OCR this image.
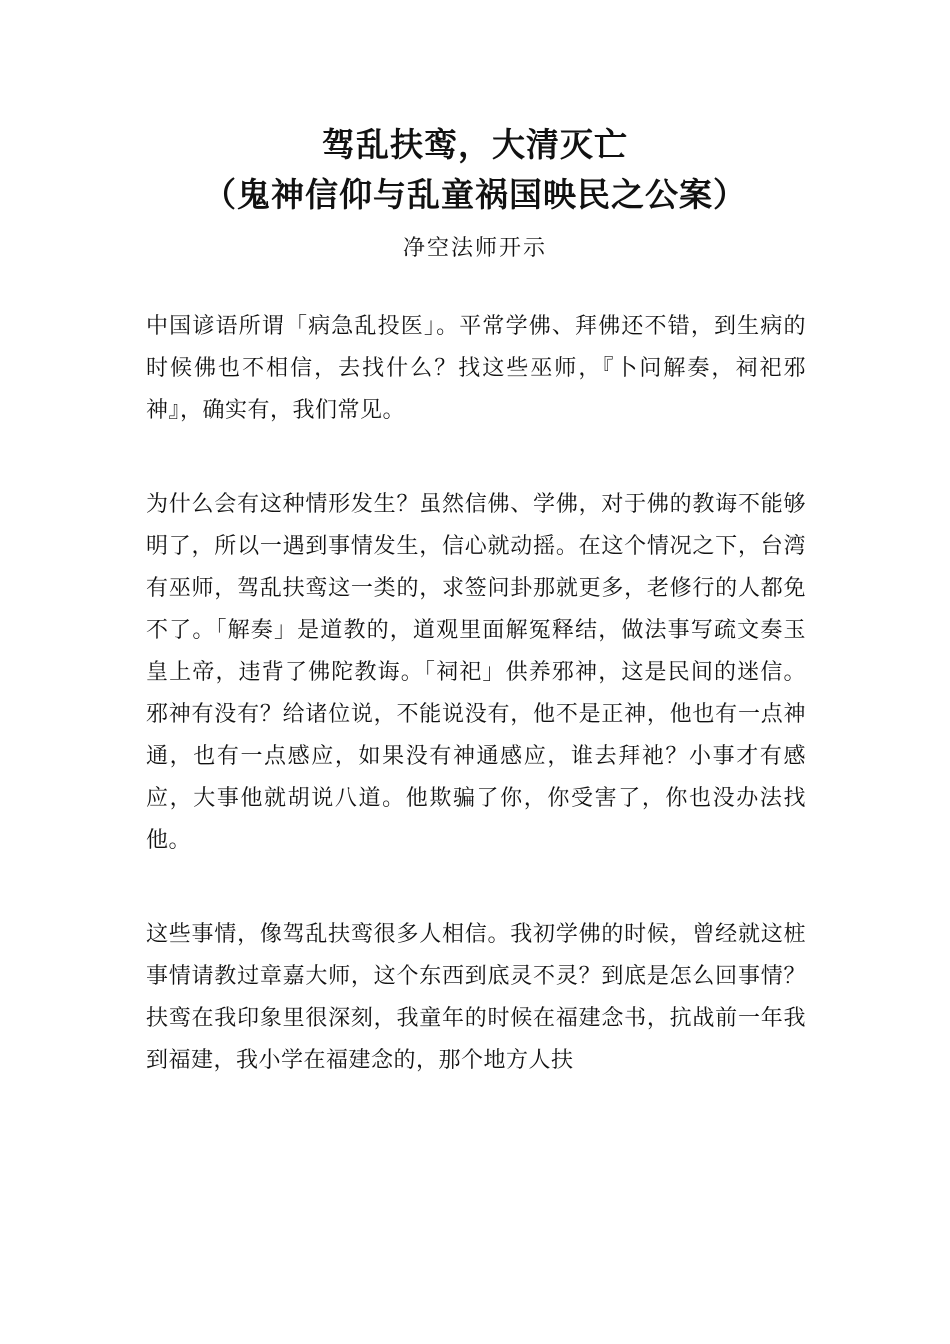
驾乱扶鸾，大清灭亡
（鬼神信仰与乱童祸国映民之公案）
净空法师开示

中国谚语所谓「病急乱投医」。平常学佛、拜佛还不错，到生病的时候佛也不相信，去找什么？找这些巫师，『卜问解奏，祠祀邪神』，确实有，我们常见。

为什么会有这种情形发生？虽然信佛、学佛，对于佛的教诲不能够明了，所以一遇到事情发生，信心就动摇。在这个情况之下，台湾有巫师，驾乱扶鸾这一类的，求签问卦那就更多，老修行的人都免不了。「解奏」是道教的，道观里面解冤释结，做法事写疏文奏玉皇上帝，违背了佛陀教诲。「祠祀」供养邪神，这是民间的迷信。邪神有没有？给诸位说，不能说没有，他不是正神，他也有一点神通，也有一点感应，如果没有神通感应，谁去拜祂？小事才有感应，大事他就胡说八道。他欺骗了你，你受害了，你也没办法找他。

这些事情，像驾乱扶鸾很多人相信。我初学佛的时候，曾经就这桩事情请教过章嘉大师，这个东西到底灵不灵？到底是怎么回事情？扶鸾在我印象里很深刻，我童年的时候在福建念书，抗战前一年我到福建，我小学在福建念的，那个地方人扶
